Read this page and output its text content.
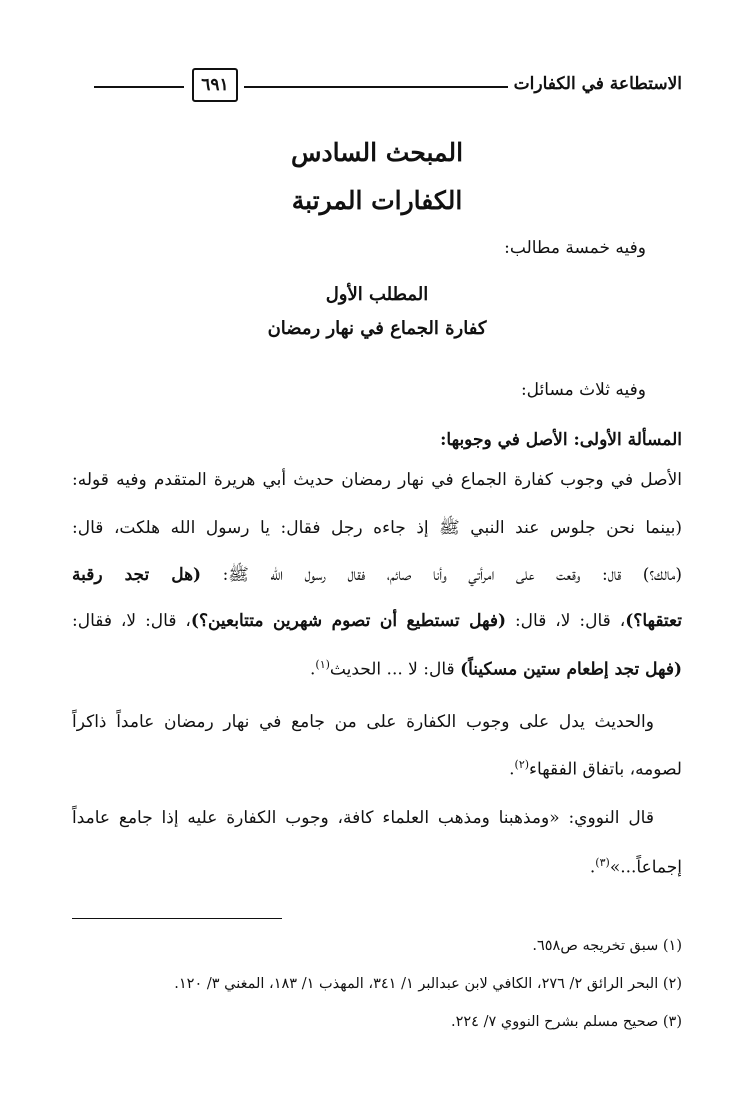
الاستطاعة في الكفارات
٦٩١
المبحث السادس
الكفارات المرتبة
وفيه خمسة مطالب:
المطلب الأول
كفارة الجماع في نهار رمضان
وفيه ثلاث مسائل:
المسألة الأولى: الأصل في وجوبها:
الأصل في وجوب كفارة الجماع في نهار رمضان حديث أبي هريرة المتقدم وفيه قوله:
(بينما نحن جلوس عند النبي ﷺ إذ جاءه رجل فقال: يا رسول الله هلكت، قال:
(مالك؟) قال: وقعت على امرأتي وأنا صائم، فقال رسول الله ﷺ: (هل تجد رقبة
تعتقها؟)، قال: لا، قال: (فهل تستطيع أن تصوم شهرين متتابعين؟)، قال: لا، فقال:
(فهل تجد إطعام ستين مسكيناً) قال: لا ... الحديث$^{(١)}$.
والحديث يدل على وجوب الكفارة على من جامع في نهار رمضان عامداً ذاكراً
لصومه، باتفاق الفقهاء$^{(٢)}$.
قال النووي: «ومذهبنا ومذهب العلماء كافة، وجوب الكفارة عليه إذا جامع عامداً
إجماعاً...»$^{(٣)}$.
(١) سبق تخريجه ص٦٥٨.
(٢) البحر الرائق ٢/ ٢٧٦، الكافي لابن عبدالبر ١/ ٣٤١، المهذب ١/ ١٨٣، المغني ٣/ ١٢٠.
(٣) صحيح مسلم بشرح النووي ٧/ ٢٢٤.
